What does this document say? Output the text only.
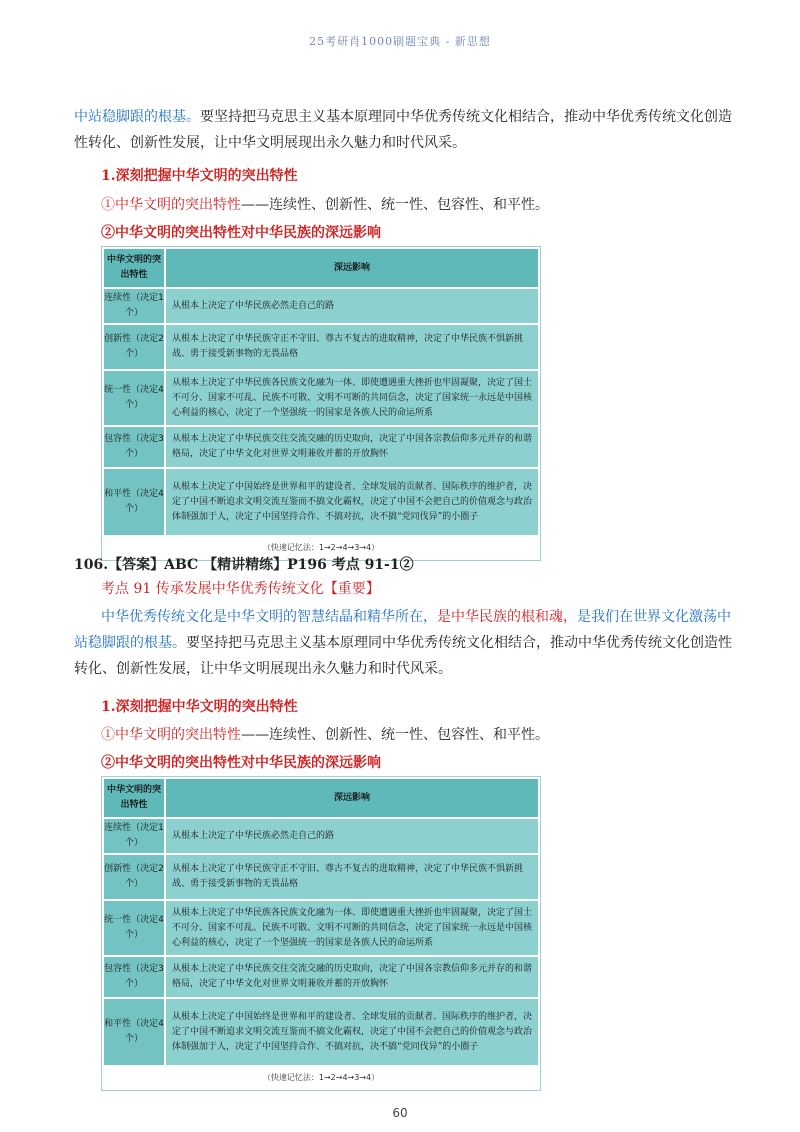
25考研肖1000刷题宝典 - 新思想
中站稳脚跟的根基。要坚持把马克思主义基本原理同中华优秀传统文化相结合，推动中华优秀传统文化创造性转化、创新性发展，让中华文明展现出永久魅力和时代风采。
1.深刻把握中华文明的突出特性
①中华文明的突出特性——连续性、创新性、统一性、包容性、和平性。
②中华文明的突出特性对中华民族的深远影响
中华文明的突出特性	深远影响
连续性（决定1个）	从根本上决定了中华民族必然走自己的路
创新性（决定2个）	从根本上决定了中华民族守正不守旧、尊古不复古的进取精神，决定了中华民族不惧新挑战、勇于接受新事物的无畏品格
统一性（决定4个）	从根本上决定了中华民族各民族文化融为一体、即使遭遇重大挫折也牢固凝聚，决定了国土不可分、国家不可乱、民族不可散、文明不可断的共同信念，决定了国家统一永远是中国核心利益的核心，决定了一个坚强统一的国家是各族人民的命运所系
包容性（决定3个）	从根本上决定了中华民族交往交流交融的历史取向，决定了中国各宗教信仰多元并存的和谐格局，决定了中华文化对世界文明兼收并蓄的开放胸怀
和平性（决定4个）	从根本上决定了中国始终是世界和平的建设者、全球发展的贡献者、国际秩序的维护者，决定了中国不断追求文明交流互鉴而不搞文化霸权，决定了中国不会把自己的价值观念与政治体制强加于人，决定了中国坚持合作、不搞对抗，决不搞“党同伐异”的小圈子
（快速记忆法：1→2→4→3→4）	
106.【答案】ABC 【精讲精练】P196 考点 91-1②
考点 91 传承发展中华优秀传统文化【重要】
中华优秀传统文化是中华文明的智慧结晶和精华所在，是中华民族的根和魂，是我们在世界文化激荡中站稳脚跟的根基。要坚持把马克思主义基本原理同中华优秀传统文化相结合，推动中华优秀传统文化创造性转化、创新性发展，让中华文明展现出永久魅力和时代风采。
1.深刻把握中华文明的突出特性
①中华文明的突出特性——连续性、创新性、统一性、包容性、和平性。
②中华文明的突出特性对中华民族的深远影响
中华文明的突出特性	深远影响
连续性（决定1个）	从根本上决定了中华民族必然走自己的路
创新性（决定2个）	从根本上决定了中华民族守正不守旧、尊古不复古的进取精神，决定了中华民族不惧新挑战、勇于接受新事物的无畏品格
统一性（决定4个）	从根本上决定了中华民族各民族文化融为一体、即使遭遇重大挫折也牢固凝聚，决定了国土不可分、国家不可乱、民族不可散、文明不可断的共同信念，决定了国家统一永远是中国核心利益的核心，决定了一个坚强统一的国家是各族人民的命运所系
包容性（决定3个）	从根本上决定了中华民族交往交流交融的历史取向，决定了中国各宗教信仰多元并存的和谐格局，决定了中华文化对世界文明兼收并蓄的开放胸怀
和平性（决定4个）	从根本上决定了中国始终是世界和平的建设者、全球发展的贡献者、国际秩序的维护者，决定了中国不断追求文明交流互鉴而不搞文化霸权，决定了中国不会把自己的价值观念与政治体制强加于人，决定了中国坚持合作、不搞对抗，决不搞“党同伐异”的小圈子
（快速记忆法：1→2→4→3→4）	
60
